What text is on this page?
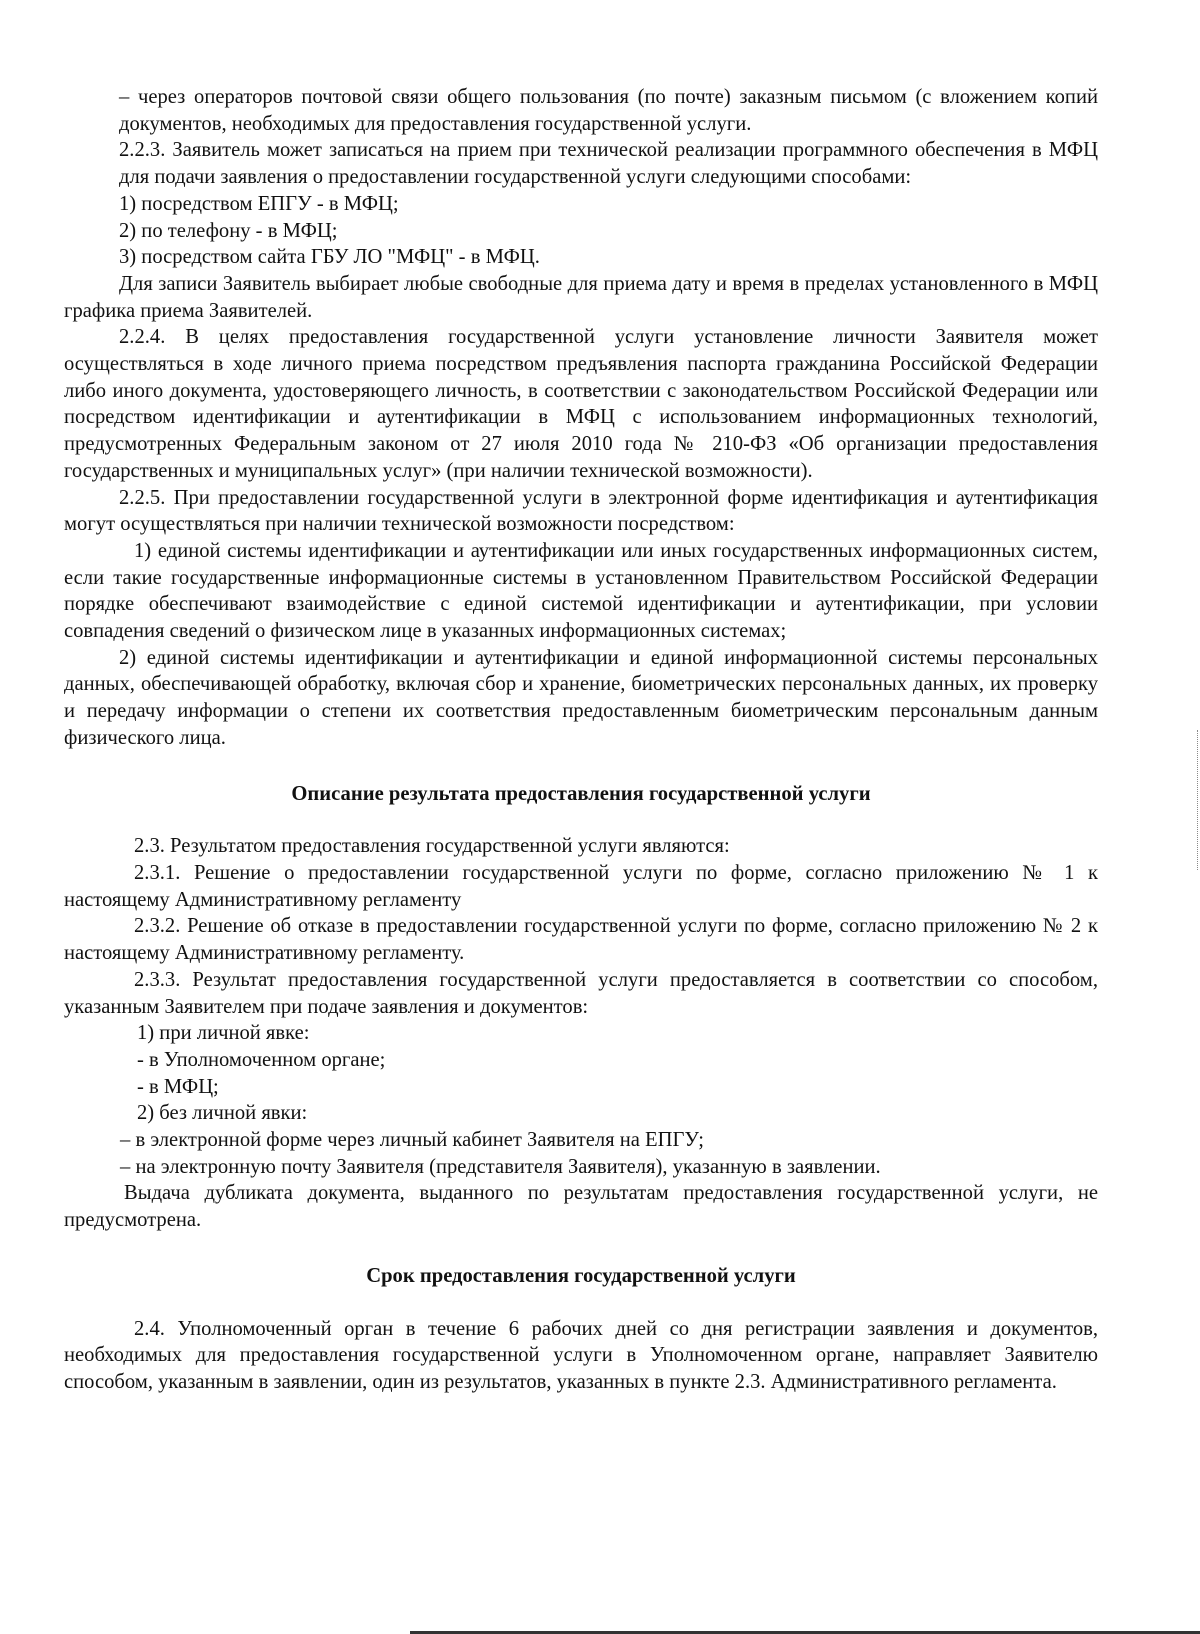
– через операторов почтовой связи общего пользования (по почте) заказным письмом (с вложением копий документов, необходимых для предоставления государственной услуги.

2.2.3. Заявитель может записаться на прием при технической реализации программного обеспечения в МФЦ для подачи заявления о предоставлении государственной услуги следующими способами:

1) посредством ЕПГУ - в МФЦ;

2) по телефону - в МФЦ;

3) посредством сайта ГБУ ЛО "МФЦ" - в МФЦ.

Для записи Заявитель выбирает любые свободные для приема дату и время в пределах установленного в МФЦ графика приема Заявителей.

2.2.4. В целях предоставления государственной услуги установление личности Заявителя может осуществляться в ходе личного приема посредством предъявления паспорта гражданина Российской Федерации либо иного документа, удостоверяющего личность, в соответствии с законодательством Российской Федерации или посредством идентификации и аутентификации в МФЦ с использованием информационных технологий, предусмотренных Федеральным законом от 27 июля 2010 года № 210-ФЗ «Об организации предоставления государственных и муниципальных услуг» (при наличии технической возможности).

2.2.5. При предоставлении государственной услуги в электронной форме идентификация и аутентификация могут осуществляться при наличии технической возможности посредством:

1) единой системы идентификации и аутентификации или иных государственных информационных систем, если такие государственные информационные системы в установленном Правительством Российской Федерации порядке обеспечивают взаимодействие с единой системой идентификации и аутентификации, при условии совпадения сведений о физическом лице в указанных информационных системах;

2) единой системы идентификации и аутентификации и единой информационной системы персональных данных, обеспечивающей обработку, включая сбор и хранение, биометрических персональных данных, их проверку и передачу информации о степени их соответствия предоставленным биометрическим персональным данным физического лица.

Описание результата предоставления государственной услуги

2.3. Результатом предоставления государственной услуги являются:

2.3.1. Решение о предоставлении государственной услуги по форме, согласно приложению № 1 к настоящему Административному регламенту

2.3.2. Решение об отказе в предоставлении государственной услуги по форме, согласно приложению № 2 к настоящему Административному регламенту.

2.3.3. Результат предоставления государственной услуги предоставляется в соответствии со способом, указанным Заявителем при подаче заявления и документов:

1) при личной явке:

- в Уполномоченном органе;

- в МФЦ;

2) без личной явки:

– в электронной форме через личный кабинет Заявителя на ЕПГУ;

– на электронную почту Заявителя (представителя Заявителя), указанную в заявлении.

Выдача дубликата документа, выданного по результатам предоставления государственной услуги, не предусмотрена.

Срок предоставления государственной услуги

2.4. Уполномоченный орган в течение 6 рабочих дней со дня регистрации заявления и документов, необходимых для предоставления государственной услуги в Уполномоченном органе, направляет Заявителю способом, указанным в заявлении, один из результатов, указанных в пункте 2.3. Административного регламента.
